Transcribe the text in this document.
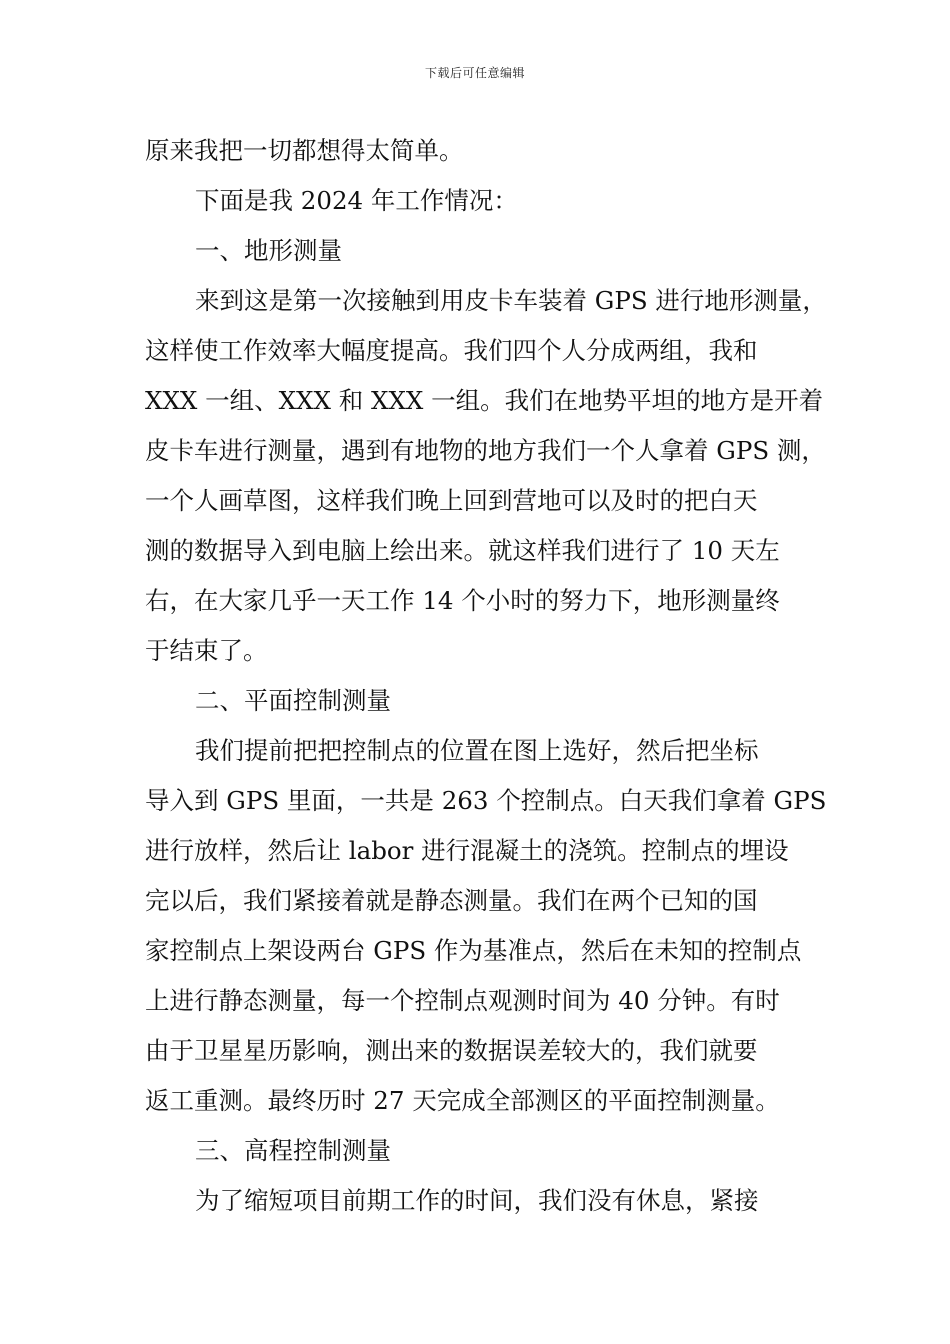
下载后可任意编辑
原来我把一切都想得太简单。
下面是我 2024 年工作情况：
一、地形测量
来到这是第一次接触到用皮卡车装着 GPS 进行地形测量，
这样使工作效率大幅度提高。我们四个人分成两组，我和
XXX 一组、XXX 和 XXX 一组。我们在地势平坦的地方是开着
皮卡车进行测量，遇到有地物的地方我们一个人拿着 GPS 测，
一个人画草图，这样我们晚上回到营地可以及时的把白天
测的数据导入到电脑上绘出来。就这样我们进行了 10 天左
右，在大家几乎一天工作 14 个小时的努力下，地形测量终
于结束了。
二、平面控制测量
我们提前把把控制点的位置在图上选好，然后把坐标
导入到 GPS 里面，一共是 263 个控制点。白天我们拿着 GPS
进行放样，然后让 labor 进行混凝土的浇筑。控制点的埋设
完以后，我们紧接着就是静态测量。我们在两个已知的国
家控制点上架设两台 GPS 作为基准点，然后在未知的控制点
上进行静态测量，每一个控制点观测时间为 40 分钟。有时
由于卫星星历影响，测出来的数据误差较大的，我们就要
返工重测。最终历时 27 天完成全部测区的平面控制测量。
三、高程控制测量
为了缩短项目前期工作的时间，我们没有休息，紧接
